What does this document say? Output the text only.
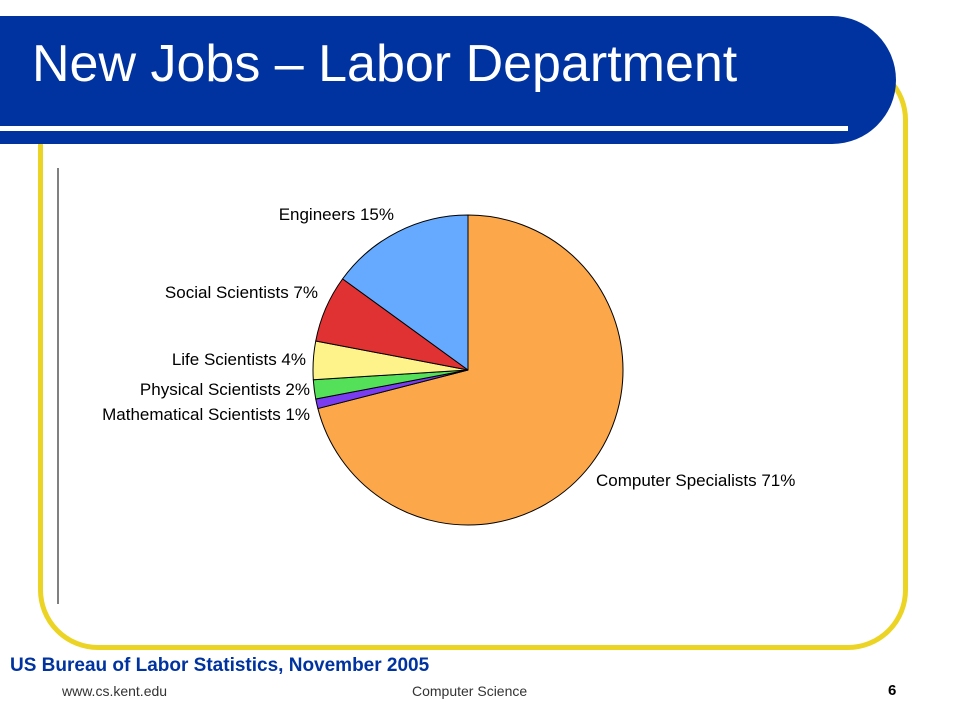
New Jobs – Labor Department
Computer Specialists 71%
Mathematical Scientists 1%
Physical Scientists 2%
Life Scientists 4%
Social Scientists 7%
Engineers 15%
US Bureau of Labor Statistics, November 2005
www.cs.kent.edu	Computer Science	6
